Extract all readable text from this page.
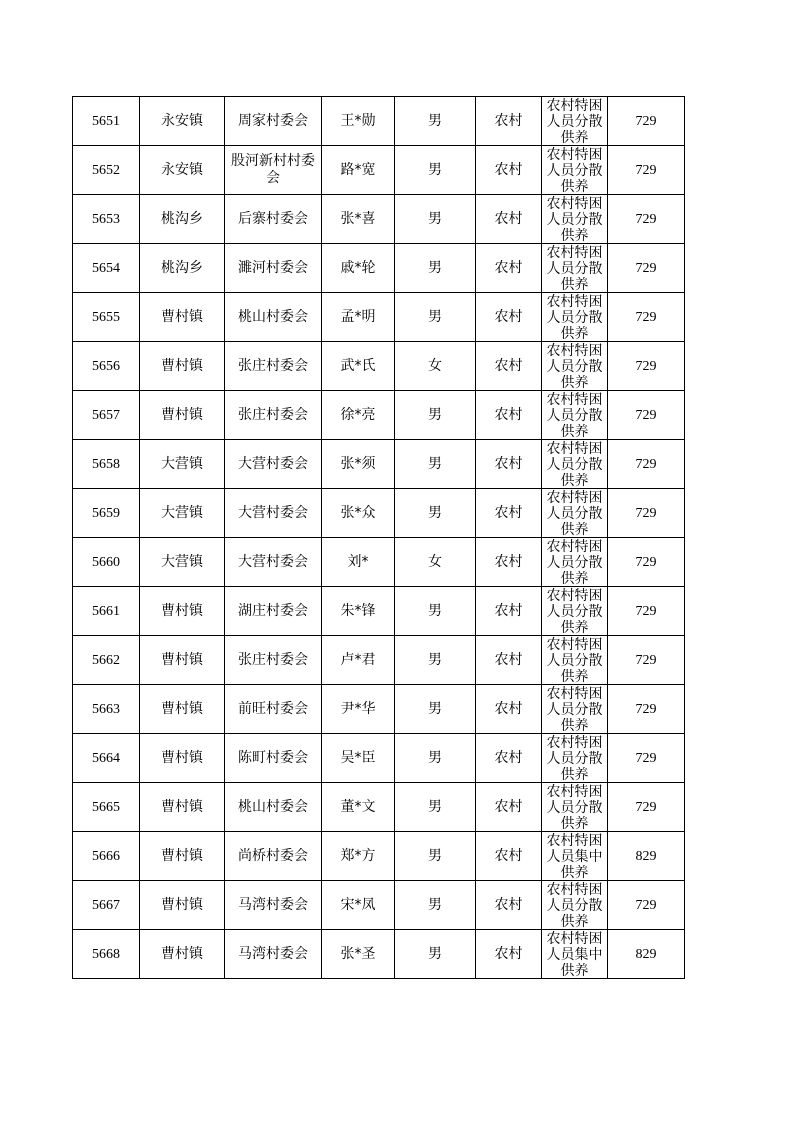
5651	永安镇	周家村委会	王*勋	男	农村	农村特困人员分散供养	729
5652	永安镇	股河新村村委会	路*宽	男	农村	农村特困人员分散供养	729
5653	桃沟乡	后寨村委会	张*喜	男	农村	农村特困人员分散供养	729
5654	桃沟乡	濉河村委会	戚*轮	男	农村	农村特困人员分散供养	729
5655	曹村镇	桃山村委会	孟*明	男	农村	农村特困人员分散供养	729
5656	曹村镇	张庄村委会	武*氏	女	农村	农村特困人员分散供养	729
5657	曹村镇	张庄村委会	徐*亮	男	农村	农村特困人员分散供养	729
5658	大营镇	大营村委会	张*须	男	农村	农村特困人员分散供养	729
5659	大营镇	大营村委会	张*众	男	农村	农村特困人员分散供养	729
5660	大营镇	大营村委会	刘*	女	农村	农村特困人员分散供养	729
5661	曹村镇	湖庄村委会	朱*锋	男	农村	农村特困人员分散供养	729
5662	曹村镇	张庄村委会	卢*君	男	农村	农村特困人员分散供养	729
5663	曹村镇	前旺村委会	尹*华	男	农村	农村特困人员分散供养	729
5664	曹村镇	陈町村委会	吴*臣	男	农村	农村特困人员分散供养	729
5665	曹村镇	桃山村委会	董*文	男	农村	农村特困人员分散供养	729
5666	曹村镇	尚桥村委会	郑*方	男	农村	农村特困人员集中供养	829
5667	曹村镇	马湾村委会	宋*凤	男	农村	农村特困人员分散供养	729
5668	曹村镇	马湾村委会	张*圣	男	农村	农村特困人员集中供养	829
